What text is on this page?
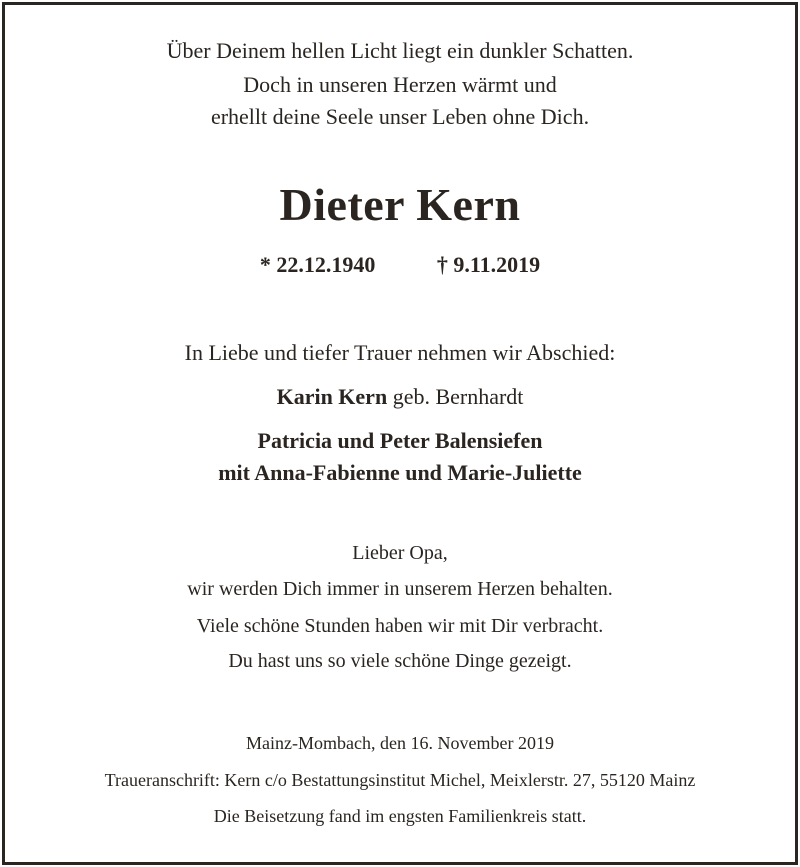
Über Deinem hellen Licht liegt ein dunkler Schatten.
Doch in unseren Herzen wärmt und
erhellt deine Seele unser Leben ohne Dich.
Dieter Kern
* 22.12.1940	† 9.11.2019
In Liebe und tiefer Trauer nehmen wir Abschied:
Karin Kern geb. Bernhardt
Patricia und Peter Balensiefen
mit Anna-Fabienne und Marie-Juliette
Lieber Opa,
wir werden Dich immer in unserem Herzen behalten.
Viele schöne Stunden haben wir mit Dir verbracht.
Du hast uns so viele schöne Dinge gezeigt.
Mainz-Mombach, den 16. November 2019
Traueranschrift: Kern c/o Bestattungsinstitut Michel, Meixlerstr. 27, 55120 Mainz
Die Beisetzung fand im engsten Familienkreis statt.
